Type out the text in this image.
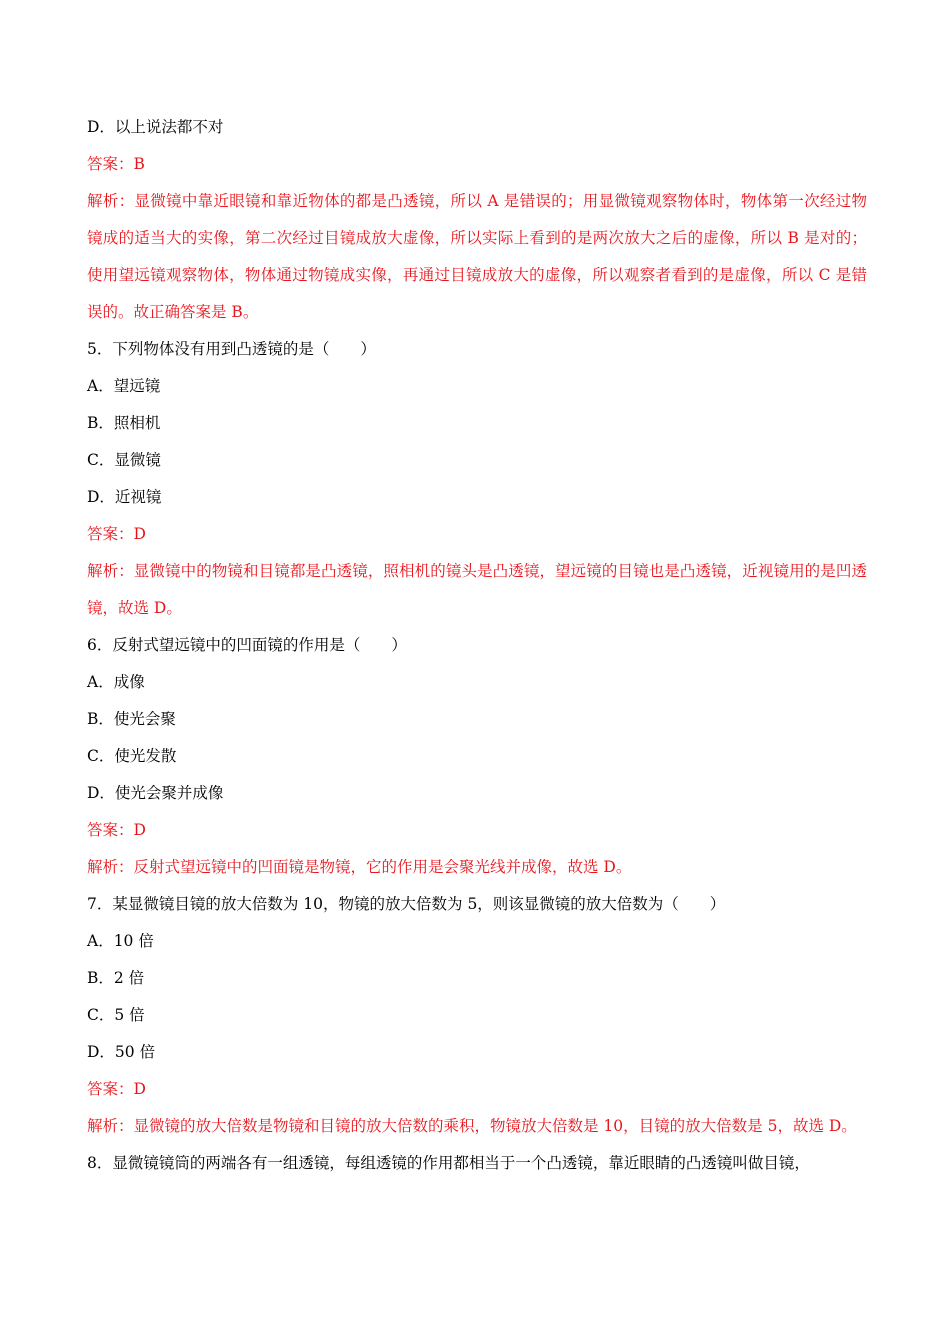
D．以上说法都不对

答案：B

解析：显微镜中靠近眼镜和靠近物体的都是凸透镜，所以 A 是错误的；用显微镜观察物体时，物体第一次经过物镜成的适当大的实像，第二次经过目镜成放大虚像，所以实际上看到的是两次放大之后的虚像，所以 B 是对的；使用望远镜观察物体，物体通过物镜成实像，再通过目镜成放大的虚像，所以观察者看到的是虚像，所以 C 是错误的。故正确答案是 B。

5．下列物体没有用到凸透镜的是（　　）

A．望远镜

B．照相机

C．显微镜

D．近视镜

答案：D

解析：显微镜中的物镜和目镜都是凸透镜，照相机的镜头是凸透镜，望远镜的目镜也是凸透镜，近视镜用的是凹透镜，故选 D。

6．反射式望远镜中的凹面镜的作用是（　　）

A．成像

B．使光会聚

C．使光发散

D．使光会聚并成像

答案：D

解析：反射式望远镜中的凹面镜是物镜，它的作用是会聚光线并成像，故选 D。

7．某显微镜目镜的放大倍数为 10，物镜的放大倍数为 5，则该显微镜的放大倍数为（　　）

A．10 倍

B．2 倍

C．5 倍

D．50 倍

答案：D

解析：显微镜的放大倍数是物镜和目镜的放大倍数的乘积，物镜放大倍数是 10，目镜的放大倍数是 5，故选 D。

8．显微镜镜筒的两端各有一组透镜，每组透镜的作用都相当于一个凸透镜，靠近眼睛的凸透镜叫做目镜，
